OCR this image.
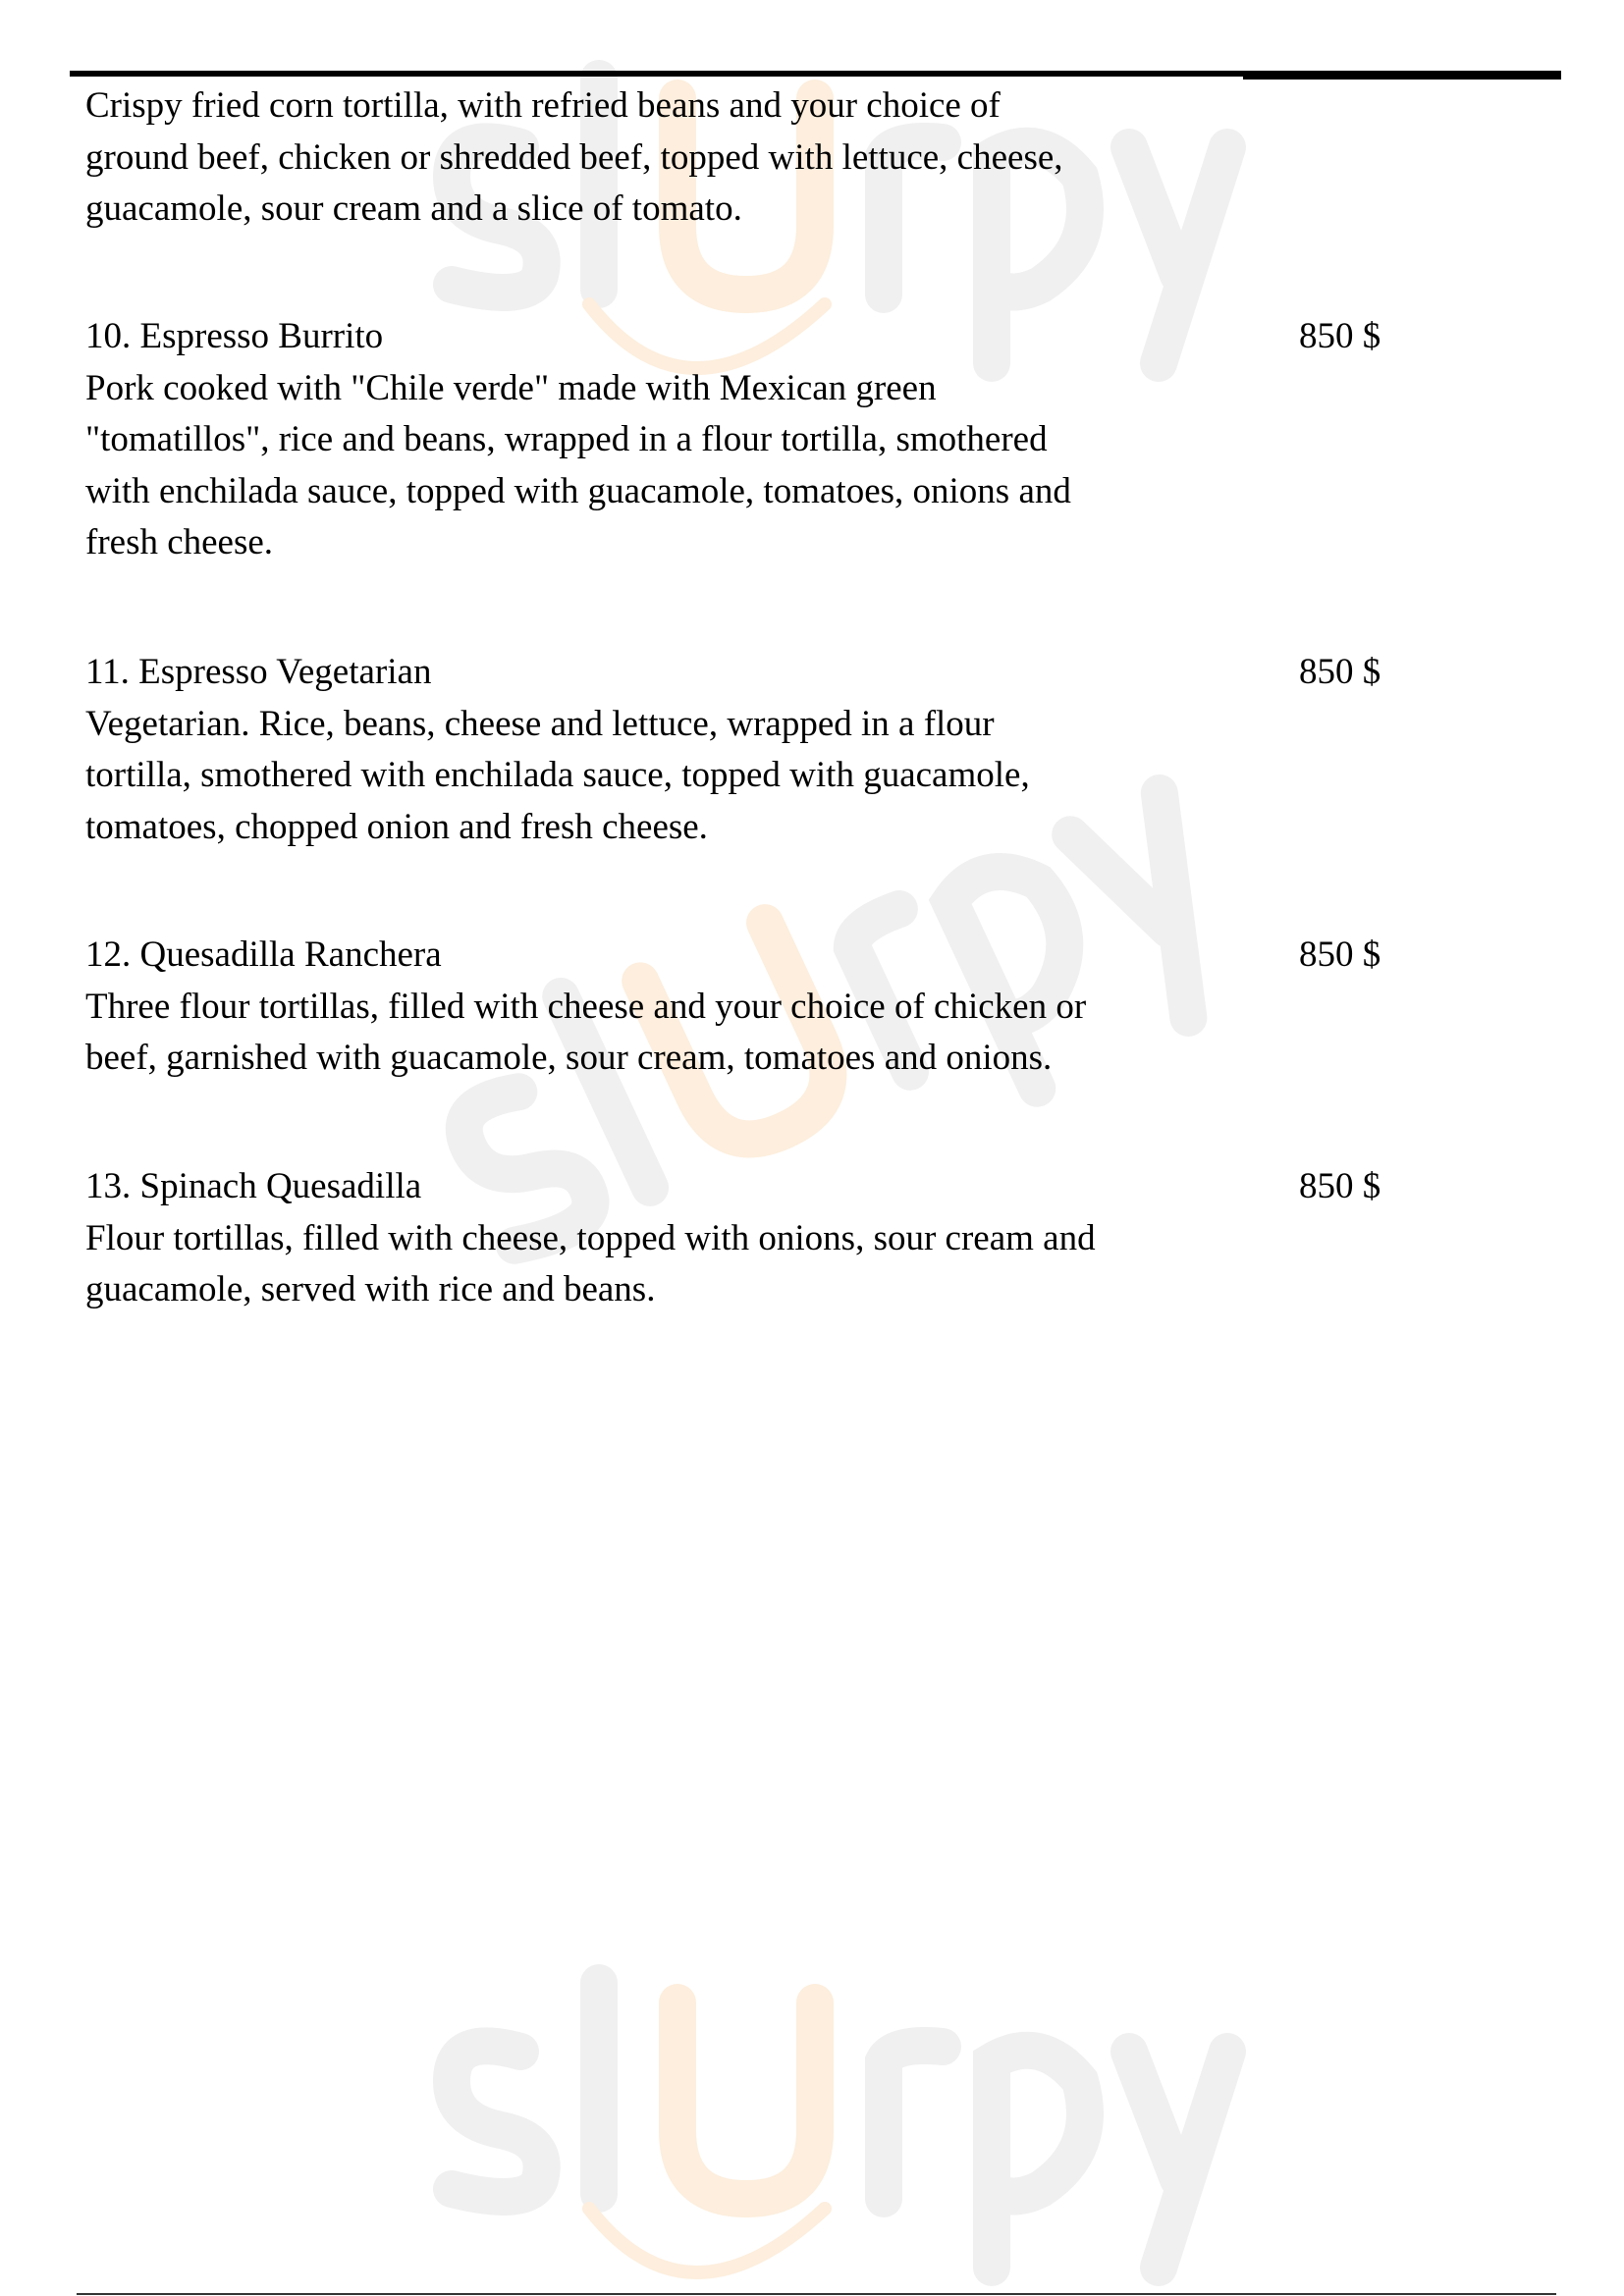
Crispy fried corn tortilla, with refried beans and your choice of
ground beef, chicken or shredded beef, topped with lettuce, cheese,
guacamole, sour cream and a slice of tomato.
10. Espresso Burrito
Pork cooked with "Chile verde" made with Mexican green
"tomatillos", rice and beans, wrapped in a flour tortilla, smothered
with enchilada sauce, topped with guacamole, tomatoes, onions and
fresh cheese.
850 $
11. Espresso Vegetarian
Vegetarian. Rice, beans, cheese and lettuce, wrapped in a flour
tortilla, smothered with enchilada sauce, topped with guacamole,
tomatoes, chopped onion and fresh cheese.
850 $
12. Quesadilla Ranchera
Three flour tortillas, filled with cheese and your choice of chicken or
beef, garnished with guacamole, sour cream, tomatoes and onions.
850 $
13. Spinach Quesadilla
Flour tortillas, filled with cheese, topped with onions, sour cream and
guacamole, served with rice and beans.
850 $
